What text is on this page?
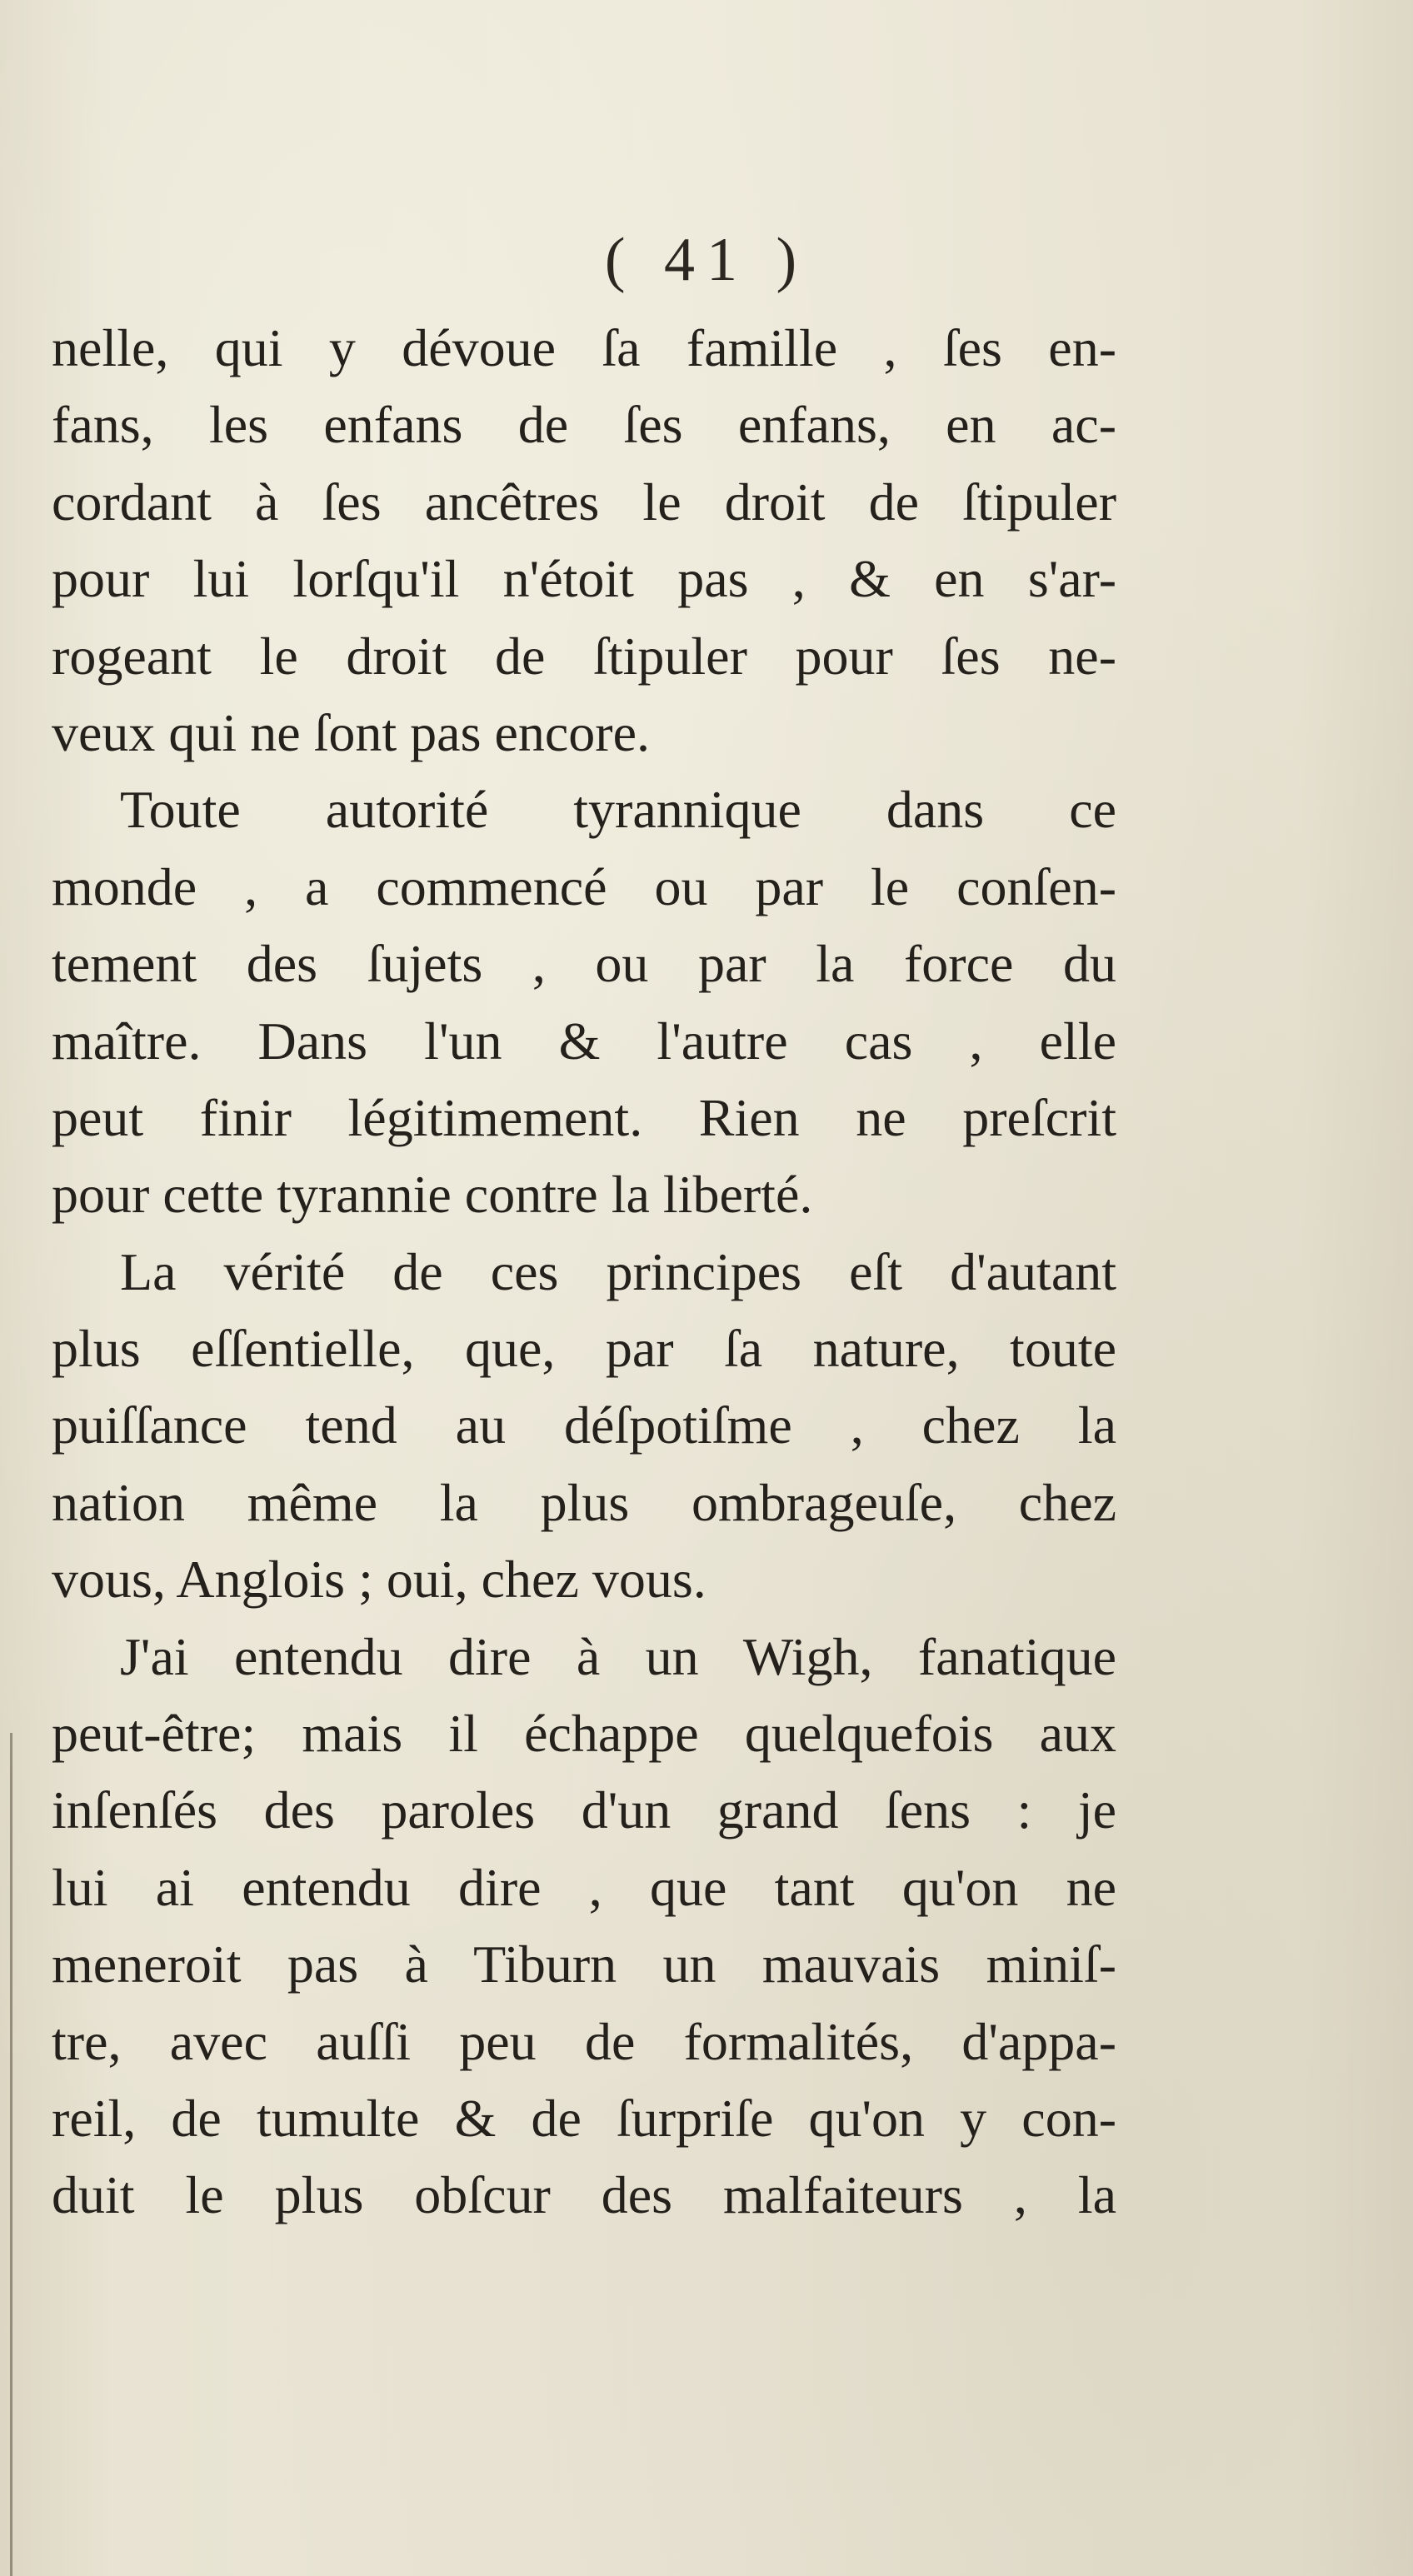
( 41 )
nelle, qui y dévoue ſa famille , ſes en-
fans, les enfans de ſes enfans, en ac-
cordant à ſes ancêtres le droit de ſtipuler
pour lui lorſqu'il n'étoit pas , & en s'ar-
rogeant le droit de ſtipuler pour ſes ne-
veux qui ne ſont pas encore.
Toute autorité tyrannique dans ce
monde , a commencé ou par le conſen-
tement des ſujets , ou par la force du
maître. Dans l'un & l'autre cas , elle
peut finir légitimement. Rien ne preſcrit
pour cette tyrannie contre la liberté.
La vérité de ces principes eſt d'autant
plus eſſentielle, que, par ſa nature, toute
puiſſance tend au déſpotiſme , chez la
nation même la plus ombrageuſe, chez
vous, Anglois ; oui, chez vous.
J'ai entendu dire à un Wigh, fanatique
peut-être; mais il échappe quelquefois aux
inſenſés des paroles d'un grand ſens : je
lui ai entendu dire , que tant qu'on ne
meneroit pas à Tiburn un mauvais miniſ-
tre, avec auſſi peu de formalités, d'appa-
reil, de tumulte & de ſurpriſe qu'on y con-
duit le plus obſcur des malfaiteurs , la
